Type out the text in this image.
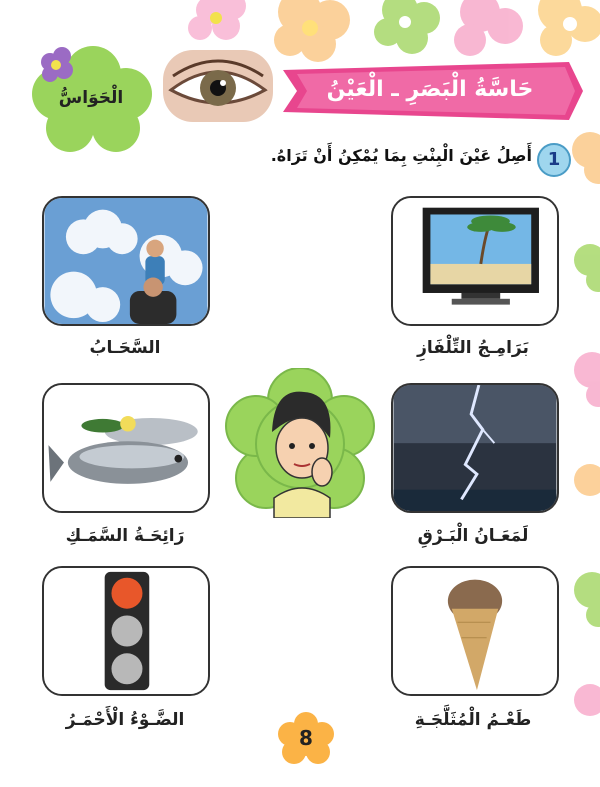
الْحَوَاسُّ	حَاسَّةُ الْبَصَرِ ـ الْعَيْنُ
1
أَصِلُ عَيْنَ الْبِنْتِ بِمَا يُمْكِنُ أَنْ تَرَاهُ.
السَّحَـابُ	بَرَامِـجُ التِّلْفَازِ
رَائِحَـةُ السَّمَـكِ	لَمَعَـانُ الْبَـرْقِ
الضَّـوْءُ الْأَحْمَـرُ	طَعْـمُ الْمُثَلَّجَـةِ
8
